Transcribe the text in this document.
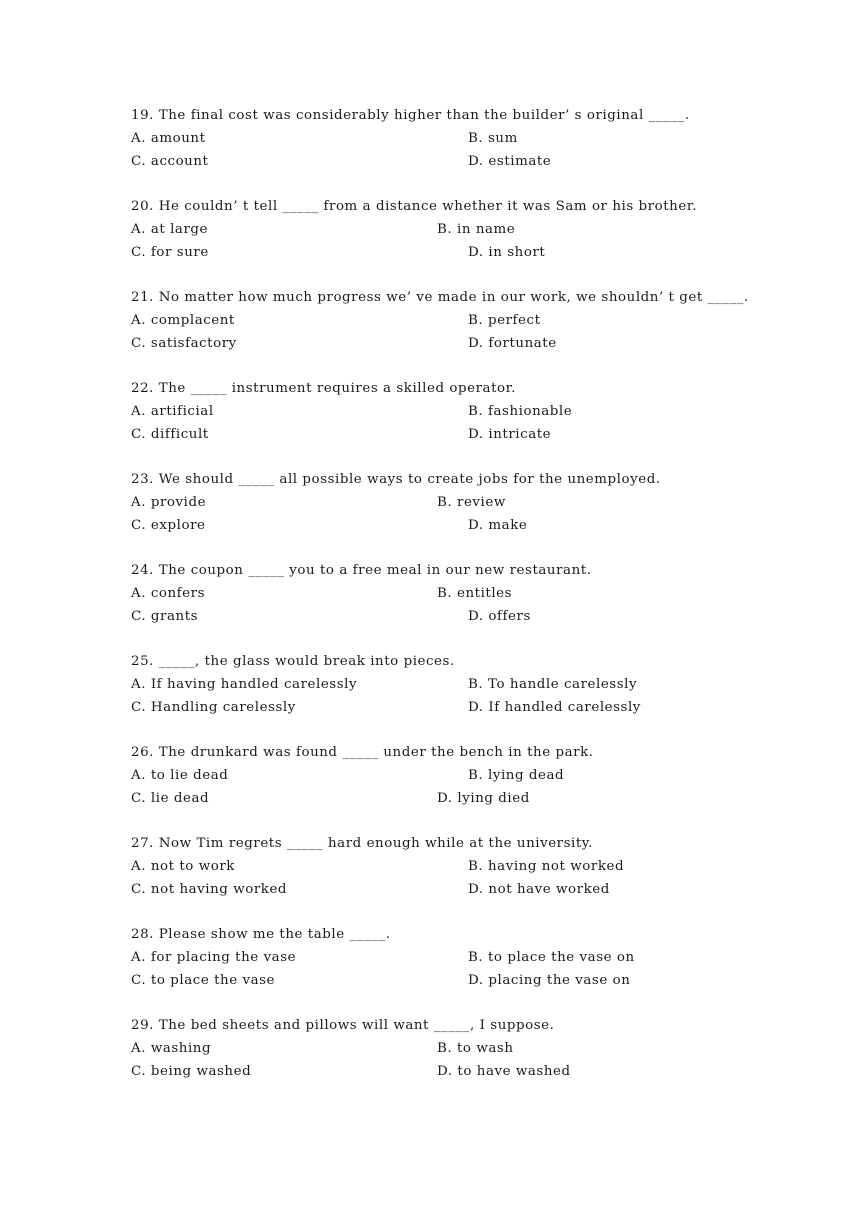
19. The final cost was considerably higher than the builder’ s original _____.
A. amount	B. sum
C. account	D. estimate
20. He couldn’ t tell _____ from a distance whether it was Sam or his brother.
A. at large	B. in name
C. for sure	D. in short
21. No matter how much progress we’ ve made in our work, we shouldn’ t get _____.
A. complacent	B. perfect
C. satisfactory	D. fortunate
22. The _____ instrument requires a skilled operator.
A. artificial	B. fashionable
C. difficult	D. intricate
23. We should _____ all possible ways to create jobs for the unemployed.
A. provide	B. review
C. explore	D. make
24. The coupon _____ you to a free meal in our new restaurant.
A. confers	B. entitles
C. grants	D. offers
25. _____, the glass would break into pieces.
A. If having handled carelessly	B. To handle carelessly
C. Handling carelessly	D. If handled carelessly
26. The drunkard was found _____ under the bench in the park.
A. to lie dead	B. lying dead
C. lie dead	D. lying died
27. Now Tim regrets _____ hard enough while at the university.
A. not to work	B. having not worked
C. not having worked	D. not have worked
28. Please show me the table _____.
A. for placing the vase	B. to place the vase on
C. to place the vase	D. placing the vase on
29. The bed sheets and pillows will want _____, I suppose.
A. washing	B. to wash
C. being washed	D. to have washed
